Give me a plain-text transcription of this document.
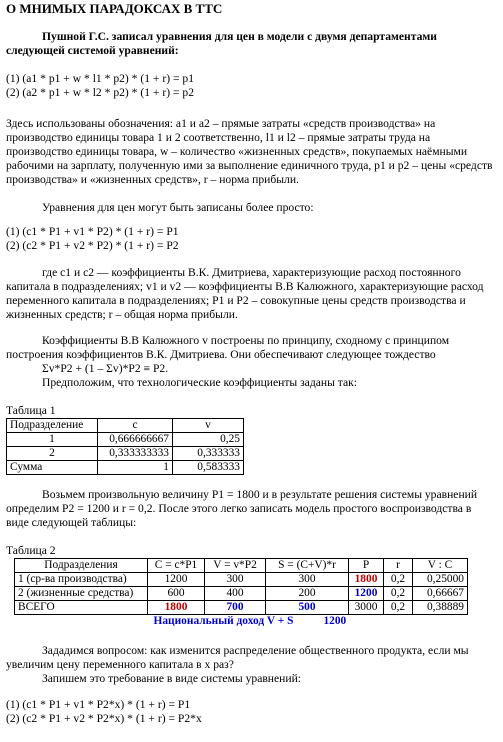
О МНИМЫХ ПАРАДОКСАХ В ТТС
Пушной Г.С. записал уравнения для цен в модели с двумя департаментами следующей системой уравнений:
(1) (a1 * p1 + w * l1 * p2) * (1 + r) = p1
(2) (a2 * p1 + w * l2 * p2) * (1 + r) = p2
Здесь использованы обозначения: a1 и a2 – прямые затраты «средств производства» на производство единицы товара 1 и 2 соответственно, l1 и l2 – прямые затраты труда на производство единицы товара, w – количество «жизненных средств», покупаемых наёмными рабочими на зарплату, полученную ими за выполнение единичного труда, p1 и p2 – цены «средств производства» и «жизненных средств», r – норма прибыли.
Уравнения для цен могут быть записаны более просто:
(1) (c1 * P1 + v1 * P2) * (1 + r) = P1
(2) (c2 * P1 + v2 * P2) * (1 + r) = P2
где c1 и c2 — коэффициенты В.К. Дмитриева, характеризующие расход постоянного капитала в подразделениях; v1 и v2 — коэффициенты В.В Калюжного, характеризующие расход переменного капитала в подразделениях; P1 и P2 – совокупные цены средств производства и жизненных средств; r – общая норма прибыли.
Коэффициенты В.В Калюжного v построены по принципу, сходному с принципом построения коэффициентов В.К. Дмитриева. Они обеспечивают следующее тождество
Σv*P2 + (1 – Σv)*P2 ≡ P2.
Предположим, что технологические коэффициенты заданы так:
Таблица 1
Подразделение	c	v
1	0,666666667	0,25
2	0,333333333	0,333333
Сумма	1	0,583333
Возьмем произвольную величину P1 = 1800 и в результате решения системы уравнений определим P2 = 1200 и r = 0,2. После этого легко записать модель простого воспроизводства в виде следующей таблицы:
Таблица 2
Подразделения	C = c*P1	V = v*P2	S = (C+V)*r	P	r	V : C
1 (ср-ва производства)	1200	300	300	1800	0,2	0,25000
2 (жизненные средства)	600	400	200	1200	0,2	0,66667
ВСЕГО	1800	700	500	3000	0,2	0,38889
	Национальный доход V + S 1200					
Зададимся вопросом: как изменится распределение общественного продукта, если мы увеличим цену переменного капитала в x раз?
Запишем это требование в виде системы уравнений:
(1) (c1 * P1 + v1 * P2*x) * (1 + r) = P1
(2) (c2 * P1 + v2 * P2*x) * (1 + r) = P2*x
